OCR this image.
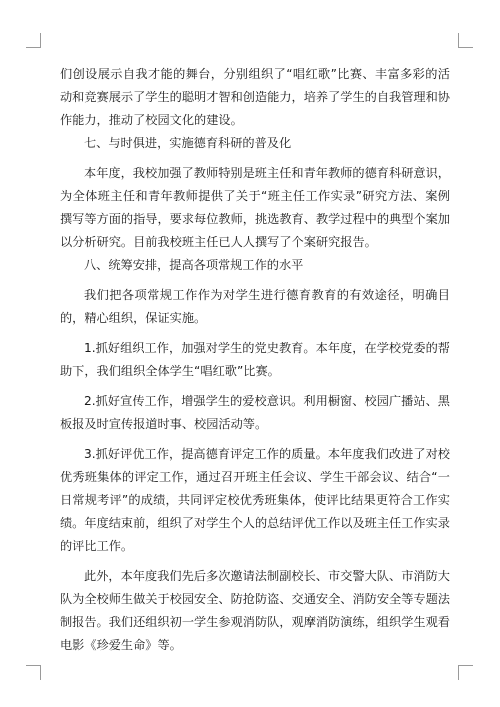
们创设展示自我才能的舞台，分别组织了“唱红歌”比赛、丰富多彩的活动和竞赛展示了学生的聪明才智和创造能力，培养了学生的自我管理和协作能力，推动了校园文化的建设。

七、与时俱进，实施德育科研的普及化

本年度，我校加强了教师特别是班主任和青年教师的德育科研意识，为全体班主任和青年教师提供了关于“班主任工作实录”研究方法、案例撰写等方面的指导，要求每位教师，挑选教育、教学过程中的典型个案加以分析研究。目前我校班主任已人人撰写了个案研究报告。

八、统筹安排，提高各项常规工作的水平

我们把各项常规工作作为对学生进行德育教育的有效途径，明确目的，精心组织，保证实施。

1.抓好组织工作，加强对学生的党史教育。本年度，在学校党委的帮助下，我们组织全体学生“唱红歌”比赛。

2.抓好宣传工作，增强学生的爱校意识。利用橱窗、校园广播站、黑板报及时宣传报道时事、校园活动等。

3.抓好评优工作，提高德育评定工作的质量。本年度我们改进了对校优秀班集体的评定工作，通过召开班主任会议、学生干部会议、结合“一日常规考评”的成绩，共同评定校优秀班集体，使评比结果更符合工作实绩。年度结束前，组织了对学生个人的总结评优工作以及班主任工作实录的评比工作。

此外，本年度我们先后多次邀请法制副校长、市交警大队、市消防大队为全校师生做关于校园安全、防抢防盗、交通安全、消防安全等专题法制报告。我们还组织初一学生参观消防队，观摩消防演练，组织学生观看电影《珍爱生命》等。
